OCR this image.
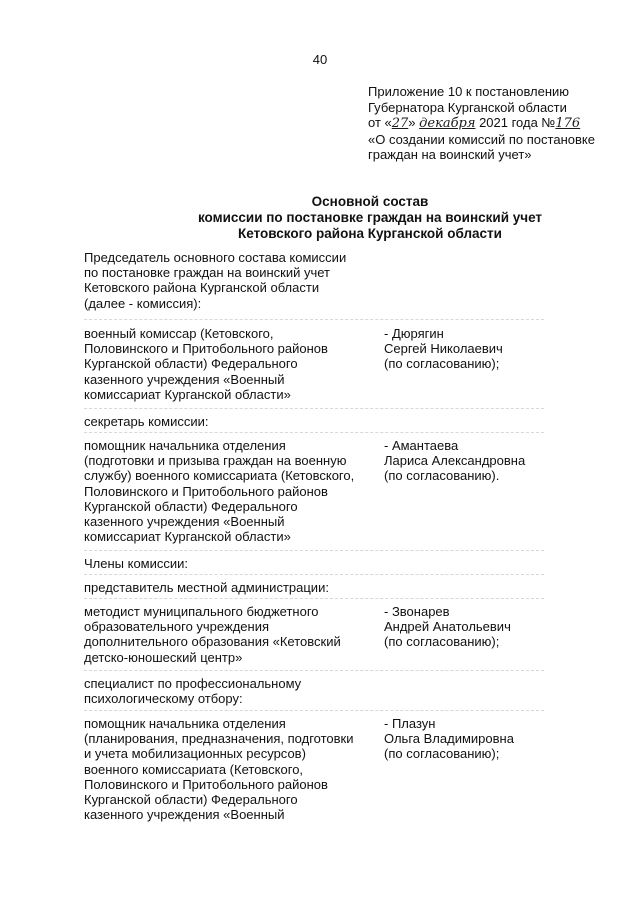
40
Приложение 10 к постановлению
Губернатора Курганской области
от «27» декабря 2021 года №176
«О создании комиссий по постановке
граждан на воинский учет»
Основной состав
комиссии по постановке граждан на воинский учет
Кетовского района Курганской области
Председатель основного состава комиссии
по постановке граждан на воинский учет
Кетовского района Курганской области
(далее - комиссия):
военный комиссар (Кетовского,
Половинского и Притобольного районов
Курганской области) Федерального
казенного учреждения «Военный
комиссариат Курганской области»
- Дюрягин
Сергей Николаевич
(по согласованию);
секретарь комиссии:
помощник начальника отделения
(подготовки и призыва граждан на военную
службу) военного комиссариата (Кетовского,
Половинского и Притобольного районов
Курганской области) Федерального
казенного учреждения «Военный
комиссариат Курганской области»
- Амантаева
Лариса Александровна
(по согласованию).
Члены комиссии:
представитель местной администрации:
методист муниципального бюджетного
образовательного учреждения
дополнительного образования «Кетовский
детско-юношеский центр»
- Звонарев
Андрей Анатольевич
(по согласованию);
специалист по профессиональному
психологическому отбору:
помощник начальника отделения
(планирования, предназначения, подготовки
и учета мобилизационных ресурсов)
военного комиссариата (Кетовского,
Половинского и Притобольного районов
Курганской области) Федерального
казенного учреждения «Военный
- Плазун
Ольга Владимировна
(по согласованию);
